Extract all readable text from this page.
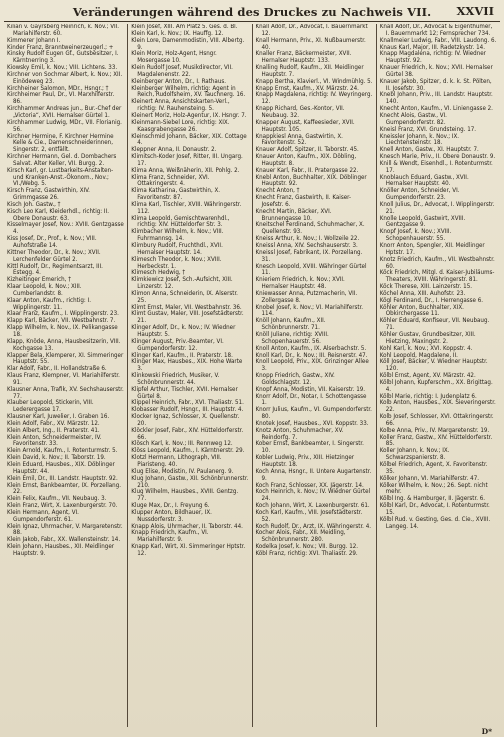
Veränderungen während des Druckes zu Nachweis VII. XXVII

Kilian v. Gayrsberg Heinrich, k. Nov.; VII. Mariahilferstr. 60.

Kimmerer Johann I.

Kinder Franz, Branntweinerzeugerl.; +

Kinsky Rudolf Eugen Gf., Gutsbesitzer, I. Kärntnerring 3.

Kiowsky Emil, k. Nov.; VIII. Lichtens. 33.

Kirchner von Sochmar Albert, k. Nov.; XII. Einödeweg 23.

Kirchheiner Salomon, MDr., Hsngr.; †

Kirchheimer Paul, Dr., VI. Marxhilferstr. 86.

Kirchhammer Andreas jun., Bur.-Chef der „Victoria“, XVII. Hernalser Gürtel 1.

Kirchhammer Ludwig, MDr., VII. Florianig. 56.

Kirchner Hermine, F. Kirchner Hermine Kelle & Cie., Damenschneiderinnen, Singerstr. 2, entfällt.

Kirchner Hermann, Gel. d. Dombachers Salvat. Alter Keller, VII. Burgg. 2.

Kirsch Karl, gr. Lustbarkeits-Anstalten- und Kranken-Anst.-Ökonom., Nov.; VI./Webg. 5.

Kirsch Franz, Gastwirthin, XIV. Grimmgasse 26.

Kisch Joh. Gastw., †

Kisch Leo Karl, Kleiderhdl., richtig: II. Obere Donaustr. 63.

Kisselmayer Josef, Nov.: XVIII. Gentzgasse 4.

Kiss Josef, Dr., Prof., k. Nov.; VIII. Auhofstraße 14.

Kittner Theodor, Dr., k. Nov.; XVII. Lerchenfelder Gürtel 2.

Kittl Rudolf, Dr., Regimentsarzt, III. Estegg. 4.

Kizheitinger Emerich, †

Klaar Leopold, k. Nov.; XIII. Cumberlandstr. 8.

Klaar Anton, Kaufm., richtig: I. Wipplingerstr. 11.

Klaar Franz, Kaufm., I. Wipplingerstr. 23.

Klapp Karl, Bäcker, VII. Westbahnstr. 7.

Klapp Wilhelm, k. Nov., IX. Pelikangasse 18.

Klapp, Knöde, Anna, Hausbesitzerin, VIII. Kochgasse 13.

Klapper Bela, Klemperer, XI. Simmeringer Hauptstr. 55.

Klar Adolf, Fabr., II. Hollandstraße 6.

Klaus Franz, Klempner, VI. Mariahilferstr. 91.

Klausner Anna, Trafik, XV. Sechshauserstr. 77.

Klauber Leopold, Stickerin, VIII. Lederergasse 17.

Klausner Karl, Juwelier, I. Graben 16.

Klein Adolf, Fabr., XV. Märzstr. 12.

Klein Albert, Ing., II. Praterstr. 41.

Klein Anton, Schneidermeister, IV. Favoritenstr. 33.

Klein Arnold, Kaufm., I. Rotenturmstr. 5.

Klein David, k. Nov.; II. Taborstr. 19.

Klein Eduard, Hausbes., XIX. Döblinger Hauptstr. 44.

Klein Emil, Dr., III. Landstr. Hauptstr. 92.

Klein Ernst, Bankbeamter, IX. Porzellang. 22.

Klein Felix, Kaufm., VII. Neubaug. 3.

Klein Franz, Wirt, X. Laxenburgerstr. 70.

Klein Hermann, Agent, VI. Gumpendorferstr. 61.

Klein Ignaz, Uhrmacher, V. Margaretenstr. 88.

Klein Jakob, Fabr., XX. Wallensteinstr. 14.

Klein Johann, Hausbes., XII. Meidlinger Hauptstr. 9.

Klein Josef, XIII. Am Platz 5. Ges. d. Bl.

Klein Karl, k. Nov.; IX. Hauffg. 12.

Klein Lore, Damenmodistin, VIII. Albertg. 9.

Klein Moriz, Holz-Agent, Hsngr. Mosergasse 10.

Klein Rudolf Josef, Musikdirector, VII. Magdalenenstr. 22.

Kleinberger Anton, Dr., I. Rathaus.

Kleinberger Wilhelm, richtig: Agent in Reich, Rudolfsheim, XV. Tauchnerg. 16.

Kleinert Anna, Ansichtskarten-Verl., richtig: IV. Rauhensteing. 5.

Kleinert Moriz, Holz-Agentur, IX. Hsngr. 7.

Kleinmann-Siebel Lore, richtig: XIX. Kaasgrabengasse 26.

Kleinschmid Johann, Bäcker, XIX. Cottage 4.

Kleppner Anna, II. Donaustr. 2.

Klimitsch-Koder Josef, Ritter, III. Ungarg. 17.

Klima Anna, Weißnäherin, XII. Pohlg. 2.

Klima Franz, Schneider, XVI. Ottakringerstr. 4.

Klima Katharina, Gastwirthin, X. Favoritenstr. 87.

Klima Karl, Tischler, XVIII. Währingerstr. 112.

Klima Leopold, Gemischtwarenhdl., richtig: XIV. Hütteldorfer Str. 3.

Klimbacher Wilhelm, k. Nov.; VIII. Fuhrmannsg. 14.

Klimbury Rudolf, Fruchthdl., XVII. Hernalser Hauptstr. 14.

Klimesch Theodor, k. Nov.; XVIII. Herbeckstr. 1.

Klimesch Hedwig, †

Klimkiewicz Josef, Sch.-Aufsicht, XIII. Linzerstr. 12.

Klimon Anna, Schneiderin, IX. Alserstr. 25.

Klimt Ernst, Maler, VII. Westbahnstr. 36.

Klimt Gustav, Maler, VIII. Josefstädterstr. 21.

Klinger Adolf, Dr., k. Nov.; IV. Wiedner Hauptstr. 5.

Klinger August, Priv.-Beamter, VI. Gumpendorferstr. 12.

Klinger Karl, Kaufm., II. Praterstr. 18.

Klinger Max, Hausbes., XIX. Hohe Warte 3.

Klinkowski Friedrich, Musiker, V. Schönbrunnerstr. 44.

Klipfel Arthur, Tischler, XVII. Hernalser Gürtel 8.

Klippel Heinrich, Fabr., XVI. Thaliastr. 51.

Klobasser Rudolf, Hsngr., III. Hauptstr. 4.

Klocker Ignaz, Schlosser, X. Quellenstr. 20.

Klöckler Josef, Fabr., XIV. Hütteldorferstr. 66.

Klösch Karl, k. Nov.; III. Rennweg 12.

Klöss Leopold, Kaufm., I. Kärntnerstr. 29.

Klotzl Hermann, Lithograph, VIII. Piaristeng. 40.

Klug Elise, Modistin, IV. Paulanerg. 9.

Klug Johann, Gastw., XII. Schönbrunnerstr. 210.

Klug Wilhelm, Hausbes., XVIII. Gentzg. 77.

Kluge Max, Dr., I. Freyung 6.

Klupper Anton, Bildhauer, IX. Nussdorferstr. 3.

Knapp Alois, Uhrmacher, II. Taborstr. 44.

Knapp Friedrich, Kaufm., VI. Mariahilferstr. 9.

Knapp Karl, Wirt, XI. Simmeringer Hptstr. 12.

Knall Adolf, Dr., Advocat, I. Bauernmarkt 12.

Knall Hermann, Priv., XI. Nußbaumerstr. 40.

Knaller Franz, Bäckermeister, XVII. Hernalser Hauptstr. 133.

Knalling Rudolf, Kaufm., XII. Meidlinger Hauptstr. 7.

Knapp Bertha, Klavierl., VI. Windmühlg. 5.

Knapp Ernst, Kaufm., XV. Märzstr. 24.

Knapp Magdalena, richtig: IV. Weyringerg. 12.

Knapp Richard, Ges.-Kontor, VII. Neubaug. 32.

Knapper August, Kaffeesieder, XVII. Hauptstr. 105.

Knappkiesl Anna, Gastwirtin, X. Favoritenstr. 52.

Knauer Adolf, Spitzer, II. Taborstr. 45.

Knauer Anton, Kaufm., XIX. Döbling, Hauptstr. 8.

Knauer Karl, Fabr., II. Pratergasse 22.

Knebl Anton, Buchhalter, XIX. Döblinger Hauptstr. 92.

Knecht Anton, †

Knecht Franz, Gastwirth, II. Kaiser-Josefstr. 6.

Knecht Martin, Bäcker, XVI. Brunnengasse 10.

Kneitschel Ferdinand, Schuhmacher, X. Quellenstr. 93.

Kneiss Arthur, k. Nov.; I. Wollzeile 22.

Kneissl Anna, XIV. Sechshauserstr. 3.

Kneissl Josef, Fabrikant, IX. Porzellang. 31.

Knesch Leopold, XVIII. Währinger Gürtel 11.

Knieriem Friedrich, k. Nov.; XVII. Hernalser Hauptstr. 48.

Kniewasser Anna, Putzmacherin, VII. Zollergasse 8.

Knobel Josef, k. Nov.; VI. Mariahilferstr. 114.

Knöll Johann, Kaufm., XII. Schönbrunnerstr. 71.

Knöll Juliane, richtig: XVIII. Schopenhauerstr. 56.

Knoll Anton, Kaufm., IX. Alserbachstr. 5.

Knoll Karl, Dr., k. Nov.; III. Reisnerstr. 47.

Knoll Leopold, Priv., XIX. Grinzinger Allee 3.

Knopp Friedrich, Gastw., XIV. Goldschlagstr. 12.

Knopf Anna, Modistin, VII. Kaiserstr. 19.

Knorr Adolf, Dr., Notar, I. Schottengasse 1.

Knorr Julius, Kaufm., VI. Gumpendorferstr. 80.

Knotek Josef, Hausbes., XVI. Koppstr. 33.

Knotz Anton, Schuhmacher, XV. Reindorfg. 7.

Kober Ernst, Bankbeamter, I. Singerstr. 10.

Kobler Ludwig, Priv., XIII. Hietzinger Hauptstr. 18.

Koch Anna, Hsngr., II. Untere Augartenstr. 9.

Koch Franz, Schlosser, XX. Jägerstr. 14.

Koch Heinrich, k. Nov.; IV. Wiedner Gürtel 24.

Koch Johann, Wirt, X. Laxenburgerstr. 61.

Koch Karl, Kaufm., VIII. Josefstädterstr. 52.

Koch Rudolf, Dr., Arzt, IX. Währingerstr. 4.

Kocher Alois, Fabr., XII. Meidling, Schönbrunnerstr. 280.

Kodelka Josef, k. Nov.; VII. Burgg. 12.

Köbl Franz, richtig: XVI. Thaliastr. 29.

Knall Adolf, Dr., Advocat & Eigenthümer, I. Bauernmarkt 12; Fernsprecher 734.

Knallmeier Ludwig, Fabr., VIII. Laudong. 6.

Knaus Karl, Major, III. Radetzkystr. 14.

Knapp Magdalena, richtig: IV. Wiedner Hauptstr. 92.

Knauer Friedrich, k. Nov.; XVII. Hernalser Gürtel 38.

Knauer Jakob, Spitzer, d. k. k. St. Pölten, II. Josefstr. 30.

Knebl Johann, Priv., III. Landstr. Hauptstr. 140.

Knecht Anton, Kaufm., VI. Liniengasse 2.

Knecht Alois, Gastw., VI. Gumpendorferstr. 82.

Kneisl Franz, XVI. Grundsteing. 17.

Kneissler Johann, k. Nov.; IX. Liechtensteinstr. 18.

Knell Anton, Gastw., XI. Hauptstr. 7.

Knesch Marie, Priv., II. Obere Donaustr. 9.

Knill & Wendt, Eisenhdl., I. Rotenturmstr. 17.

Knoblauch Eduard, Gastw., XVII. Hernalser Hauptstr. 40.

Knöller Anton, Schneider, VI. Gumpendorferstr. 23.

Knoll Julius, Dr., Advocat, I. Wipplingerstr. 21.

Knolle Leopold, Gastwirt, XVIII. Gentzgasse 9.

Knopf Josef, k. Nov.; XVIII. Schopenhauerstr. 55.

Knorr Anton, Spengler, XII. Meidlinger Hptstr. 17.

Knotz Friedrich, Kaufm., VII. Westbahnstr. 60.

Köck Friedrich, Mitgl. d. Kaiser-Jubiläums-Theaters, XVIII. Währingerstr. 81.

Köck Therese, XIII. Lainzerstr. 15.

Köchel Anna, XIII. Auhofstr. 23.

Kögl Ferdinand, Dr., I. Herrengasse 6.

Köhler Anton, Buchhalter, XIX. Obkirchergasse 11.

Köhler Eduard, Konfiseur, VII. Neubaug. 71.

Köhler Gustav, Grundbesitzer, XIII. Hietzing, Maxingstr. 2.

Kohl Karl, k. Nov.; XVI. Koppstr. 4.

Kohl Leopold, Magdalene, II.

Köll Josef, Bäcker, V. Wiedner Hauptstr. 120.

Kölbl Ernst, Agent, XV. Märzstr. 42.

Kölbl Johann, Kupferschm., XX. Brigittag. 4.

Kölbl Marie, richtig: I. Judenplatz 6.

Kolb Anton, Hausbes., XIX. Sieveringerstr. 22.

Kolb Josef, Schlosser, XVI. Ottakringerstr. 66.

Kolbe Anna, Priv., IV. Margaretenstr. 19.

Koller Franz, Gastw., XIV. Hütteldorferstr. 85.

Koller Johann, k. Nov.; IX. Schwarzspanierstr. 8.

Kölbel Friedrich, Agent, X. Favoritenstr. 35.

Kölker Johann, VI. Mariahilferstr. 47.

Kölker Wilhelm, k. Nov.; 26. Sept. nicht mehr.

Kölbl Ing. & Hamburger, II. Jägerstr. 6.

Kölbl Karl, Dr., Advocat, I. Rotenturmstr. 15.

Kölbl Rud. v. Gesting, Ges. d. Cie., XVIII. Langeg. 14.

D*
